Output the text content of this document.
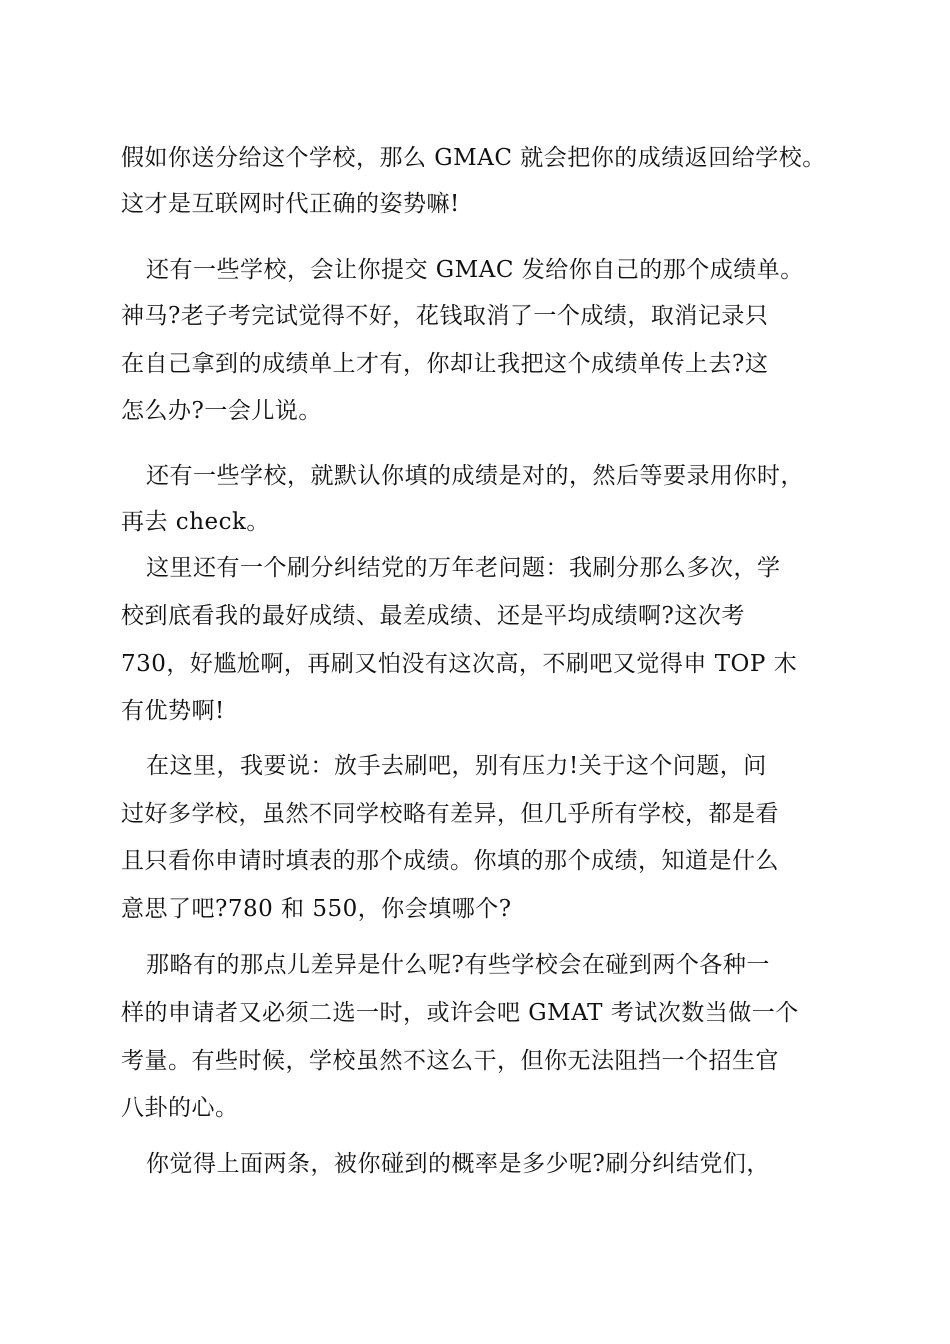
假如你送分给这个学校，那么 GMAC 就会把你的成绩返回给学校。
这才是互联网时代正确的姿势嘛!
还有一些学校，会让你提交 GMAC 发给你自己的那个成绩单。
神马?老子考完试觉得不好，花钱取消了一个成绩，取消记录只
在自己拿到的成绩单上才有，你却让我把这个成绩单传上去?这
怎么办?一会儿说。
还有一些学校，就默认你填的成绩是对的，然后等要录用你时，
再去 check。
这里还有一个刷分纠结党的万年老问题：我刷分那么多次，学
校到底看我的最好成绩、最差成绩、还是平均成绩啊?这次考
730，好尴尬啊，再刷又怕没有这次高，不刷吧又觉得申 TOP 木
有优势啊!
在这里，我要说：放手去刷吧，别有压力!关于这个问题，问
过好多学校，虽然不同学校略有差异，但几乎所有学校，都是看
且只看你申请时填表的那个成绩。你填的那个成绩，知道是什么
意思了吧?780 和 550，你会填哪个?
那略有的那点儿差异是什么呢?有些学校会在碰到两个各种一
样的申请者又必须二选一时，或许会吧 GMAT 考试次数当做一个
考量。有些时候，学校虽然不这么干，但你无法阻挡一个招生官
八卦的心。
你觉得上面两条，被你碰到的概率是多少呢?刷分纠结党们，
